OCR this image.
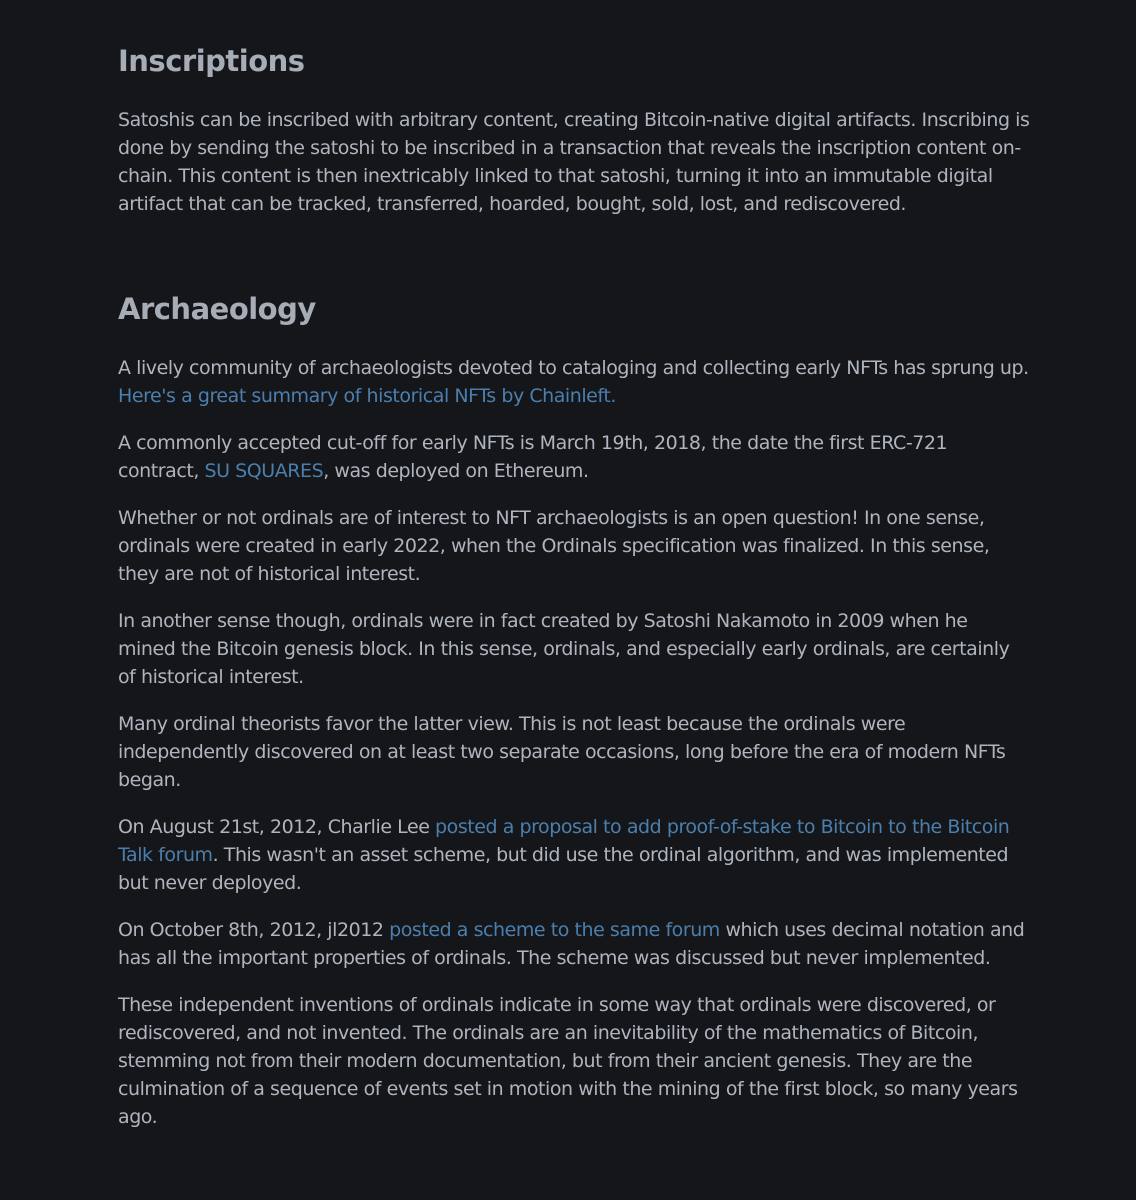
Inscriptions

Satoshis can be inscribed with arbitrary content, creating Bitcoin-native digital artifacts. Inscribing is done by sending the satoshi to be inscribed in a transaction that reveals the inscription content on-chain. This content is then inextricably linked to that satoshi, turning it into an immutable digital artifact that can be tracked, transferred, hoarded, bought, sold, lost, and rediscovered.

Archaeology

A lively community of archaeologists devoted to cataloging and collecting early NFTs has sprung up. Here's a great summary of historical NFTs by Chainleft.

A commonly accepted cut-off for early NFTs is March 19th, 2018, the date the first ERC-721 contract, SU SQUARES, was deployed on Ethereum.

Whether or not ordinals are of interest to NFT archaeologists is an open question! In one sense, ordinals were created in early 2022, when the Ordinals specification was finalized. In this sense, they are not of historical interest.

In another sense though, ordinals were in fact created by Satoshi Nakamoto in 2009 when he mined the Bitcoin genesis block. In this sense, ordinals, and especially early ordinals, are certainly of historical interest.

Many ordinal theorists favor the latter view. This is not least because the ordinals were independently discovered on at least two separate occasions, long before the era of modern NFTs began.

On August 21st, 2012, Charlie Lee posted a proposal to add proof-of-stake to Bitcoin to the Bitcoin Talk forum. This wasn't an asset scheme, but did use the ordinal algorithm, and was implemented but never deployed.

On October 8th, 2012, jl2012 posted a scheme to the same forum which uses decimal notation and has all the important properties of ordinals. The scheme was discussed but never implemented.

These independent inventions of ordinals indicate in some way that ordinals were discovered, or rediscovered, and not invented. The ordinals are an inevitability of the mathematics of Bitcoin, stemming not from their modern documentation, but from their ancient genesis. They are the culmination of a sequence of events set in motion with the mining of the first block, so many years ago.
